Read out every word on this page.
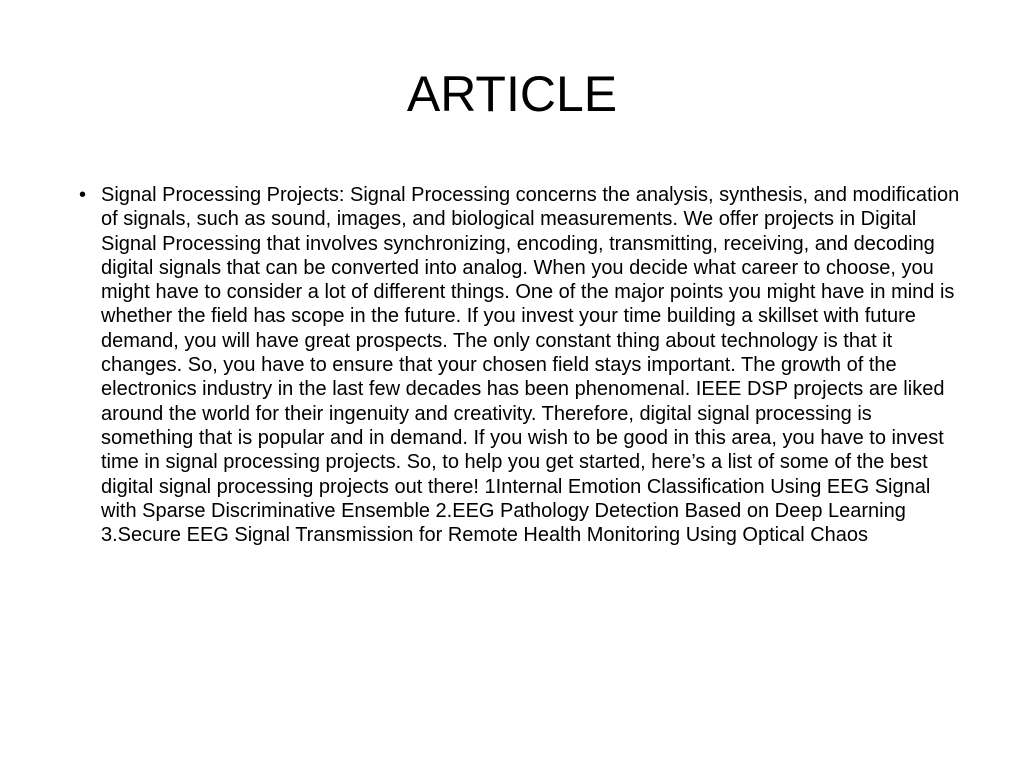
ARTICLE
• Signal Processing Projects: Signal Processing concerns the analysis, synthesis, and modification of signals, such as sound, images, and biological measurements. We offer projects in Digital Signal Processing that involves synchronizing, encoding, transmitting, receiving, and decoding digital signals that can be converted into analog. When you decide what career to choose, you might have to consider a lot of different things. One of the major points you might have in mind is whether the field has scope in the future. If you invest your time building a skillset with future demand, you will have great prospects. The only constant thing about technology is that it changes. So, you have to ensure that your chosen field stays important. The growth of the electronics industry in the last few decades has been phenomenal. IEEE DSP projects are liked around the world for their ingenuity and creativity. Therefore, digital signal processing is something that is popular and in demand. If you wish to be good in this area, you have to invest time in signal processing projects. So, to help you get started, here’s a list of some of the best digital signal processing projects out there! 1Internal Emotion Classification Using EEG Signal with Sparse Discriminative Ensemble 2.EEG Pathology Detection Based on Deep Learning 3.Secure EEG Signal Transmission for Remote Health Monitoring Using Optical Chaos
